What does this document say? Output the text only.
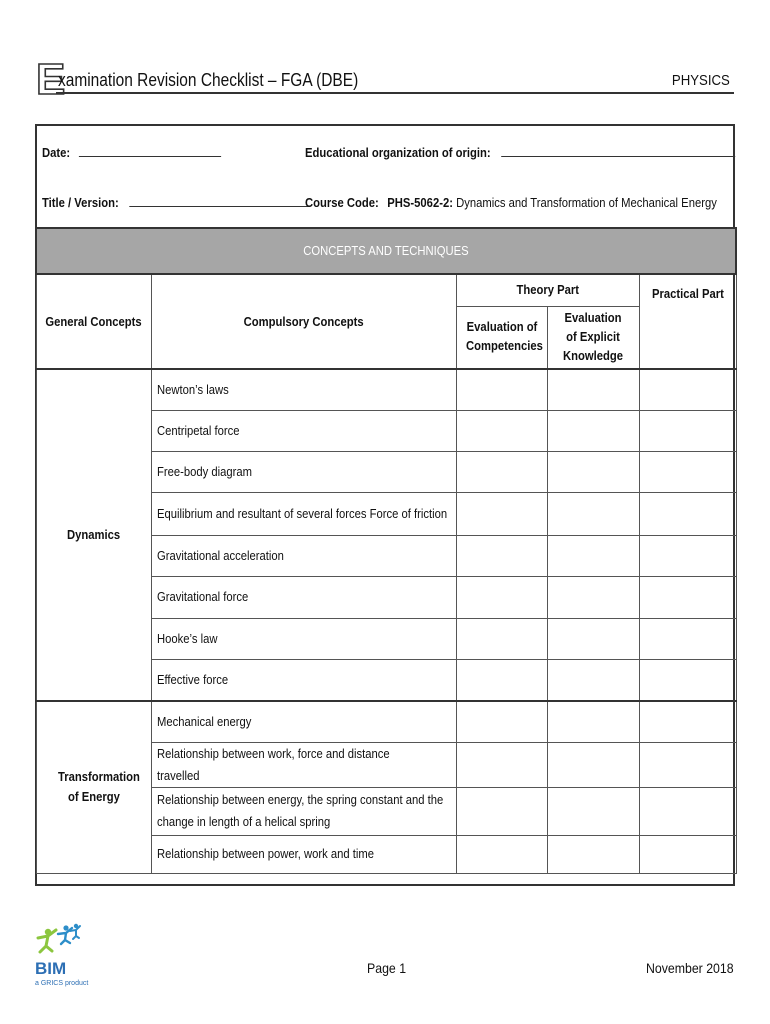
E
xamination Revision Checklist – FGA (DBE)	PHYSICS
Date:	Educational organization of origin:
Title / Version:	Course Code: PHS-5062-2: Dynamics and Transformation of Mechanical Energy
CONCEPTS AND TECHNIQUES				
General Concepts	Compulsory Concepts	Theory Part		Practical Part
		Evaluation of Competencies	Evaluation of Explicit Knowledge	
Dynamics	Newton’s laws			
	Centripetal force			
	Free-body diagram			
	Equilibrium and resultant of several forces Force of friction			
	Gravitational acceleration			
	Gravitational force			
	Hooke’s law			
	Effective force			
Transformation of Energy	Mechanical energy			
	Relationship between work, force and distance travelled			
	Relationship between energy, the spring constant and the change in length of a helical spring			
	Relationship between power, work and time			
BIM
a GRICS product
Page 1	November 2018
